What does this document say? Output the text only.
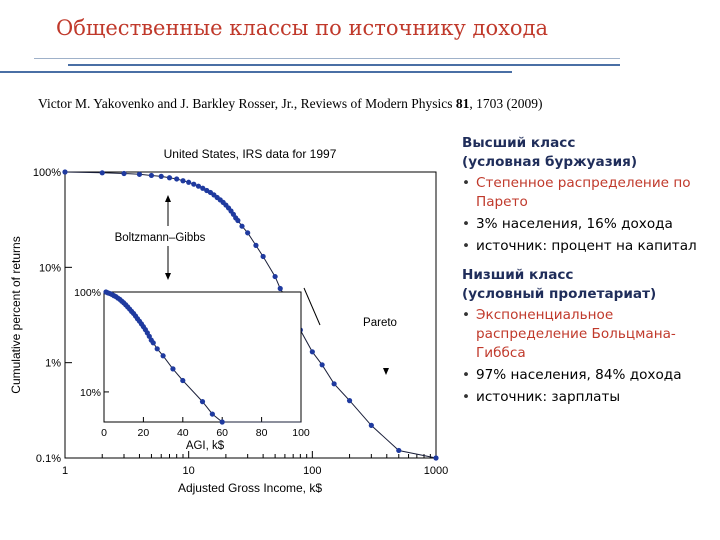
Общественные классы по источнику дохода
Victor M. Yakovenko and J. Barkley Rosser, Jr., Reviews of Modern Physics 81, 1703 (2009)
1	10	100	1000
0.1%
1%
10%
100%
United States, IRS data for 1997
Adjusted Gross Income, k$
Cumulative percent of returns	Boltzmann–Gibbs
Pareto
0	20	40	60	80 100
10%
100%
AGI, k$
Высший класс
(условная буржуазия)
• Степенное распределение по Парето
• 3% населения, 16% дохода
• источник: процент на капитал
Низший класс
(условный пролетариат)
• Экспоненциальное распределение Больцмана-Гиббса
• 97% населения, 84% дохода
• источник: зарплаты
